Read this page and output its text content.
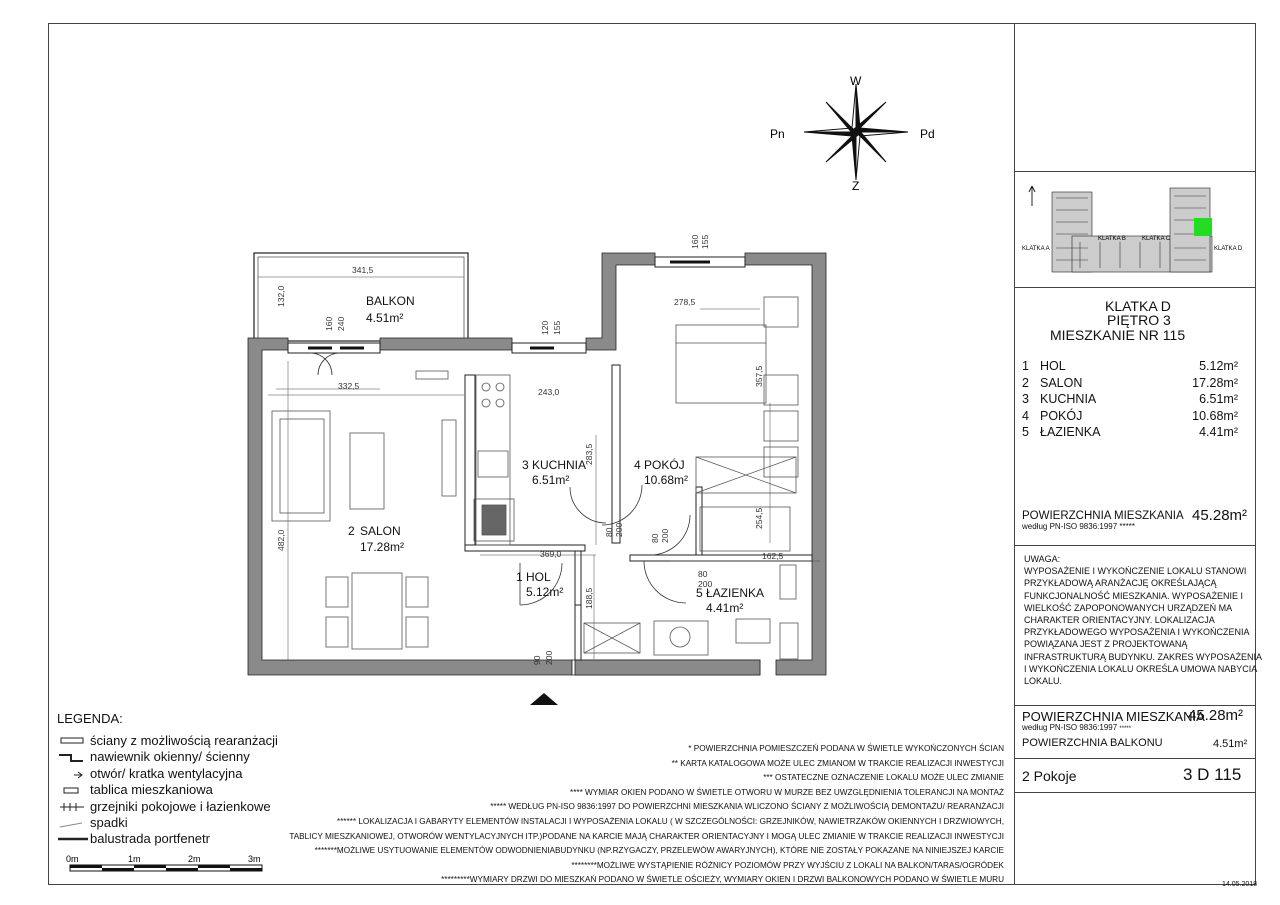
W
Z
Pn	Pd
KLATKA A
KLATKA B	KLATKA C
KLATKA D
KLATKA D
PIĘTRO 3
MIESZKANIE NR 115
1 HOL	5.12m²
2 SALON	17.28m²
3 KUCHNIA	6.51m²
4 POKÓJ	10.68m²
5 ŁAZIENKA	4.41m²
POWIERZCHNIA MIESZKANIA
według PN-ISO 9836:1997 *****
45.28m²
UWAGA:
WYPOSAŻENIE I WYKOŃCZENIE LOKALU STANOWI
PRZYKŁADOWĄ ARANŻACJĘ OKREŚLAJĄCĄ
FUNKCJONALNOŚĆ MIESZKANIA. WYPOSAŻENIE I
WIELKOŚĆ ZAPOPONOWANYCH URZĄDZEŃ MA
CHARAKTER ORIENTACYJNY. LOKALIZACJA
PRZYKŁADOWEGO WYPOSAŻENIA I WYKOŃCZENIA
POWIĄZANA JEST Z PROJEKTOWANĄ
INFRASTRUKTURĄ BUDYNKU. ZAKRES WYPOSAŻENIA
I WYKOŃCZENIA LOKALU OKREŚLA UMOWA NABYCIA
LOKALU.
POWIERZCHNIA MIESZKANIA
według PN-ISO 9836:1997 *****
45.28m²
POWIERZCHNIA BALKONU	4.51m²
2 Pokoje	3 D 115
14.05.2018
LEGENDA:
ściany z możliwością rearanżacji
nawiewnik okienny/ ścienny
otwór/ kratka wentylacyjna
tablica mieszkaniowa
grzejniki pokojowe i łazienkowe
spadki
balustrada portfenetr
0m	1m	2m	3m
* POWIERZCHNIA POMIESZCZEŃ PODANA W ŚWIETLE WYKOŃCZONYCH ŚCIAN
** KARTA KATALOGOWA MOŻE ULEC ZMIANOM W TRAKCIE REALIZACJI INWESTYCJI
*** OSTATECZNE OZNACZENIE LOKALU MOŻE ULEC ZMIANIE
**** WYMIAR OKIEN PODANO W ŚWIETLE OTWORU W MURZE BEZ UWZGLĘDNIENIA TOLERANCJI NA MONTAŻ
***** WEDŁUG PN-ISO 9836:1997 DO POWIERZCHNI MIESZKANIA WLICZONO ŚCIANY Z MOŻLIWOŚCIĄ DEMONTAŻU/ REARANŻACJI
****** LOKALIZACJA I GABARYTY ELEMENTÓW INSTALACJI I WYPOSAŻENIA LOKALU ( W SZCZEGÓLNOŚCI: GRZEJNIKÓW, NAWIETRZAKÓW OKIENNYCH I DRZWIOWYCH,
TABLICY MIESZKANIOWEJ, OTWORÓW WENTYLACYJNYCH ITP.)PODANE NA KARCIE MAJĄ CHARAKTER ORIENTACYJNY I MOGĄ ULEC ZMIANIE W TRAKCIE REALIZACJI INWESTYCJI
*******MOŻLIWE USYTUOWANIE ELEMENTÓW ODWODNIENIABUDYNKU (NP.RZYGACZY, PRZELEWÓW AWARYJNYCH), KTÓRE NIE ZOSTAŁY POKAZANE NA NINIEJSZEJ KARCIE
********MOŻLIWE WYSTĄPIENIE RÓŻNICY POZIOMÓW PRZY WYJŚCIU Z LOKALI NA BALKON/TARAS/OGRÓDEK
*********WYMIARY DRZWI DO MIESZKAŃ PODANO W ŚWIETLE OŚCIEŻY, WYMIARY OKIEN I DRZWI BALKONOWYCH PODANO W ŚWIETLE MURU
341,5
132,0
160 240
332,5
120 155
243,0
160 155
278,5
357,5
283,5
482,0	80 200
80 200
369,0	162,5
254,5
80
200
188,5
90 200
BALKON
4.51m²
2 SALON
17.28m²
3 KUCHNIA
6.51m²
4 POKÓJ
10.68m²
1 HOL
5.12m²	5 ŁAZIENKA
4.41m²
